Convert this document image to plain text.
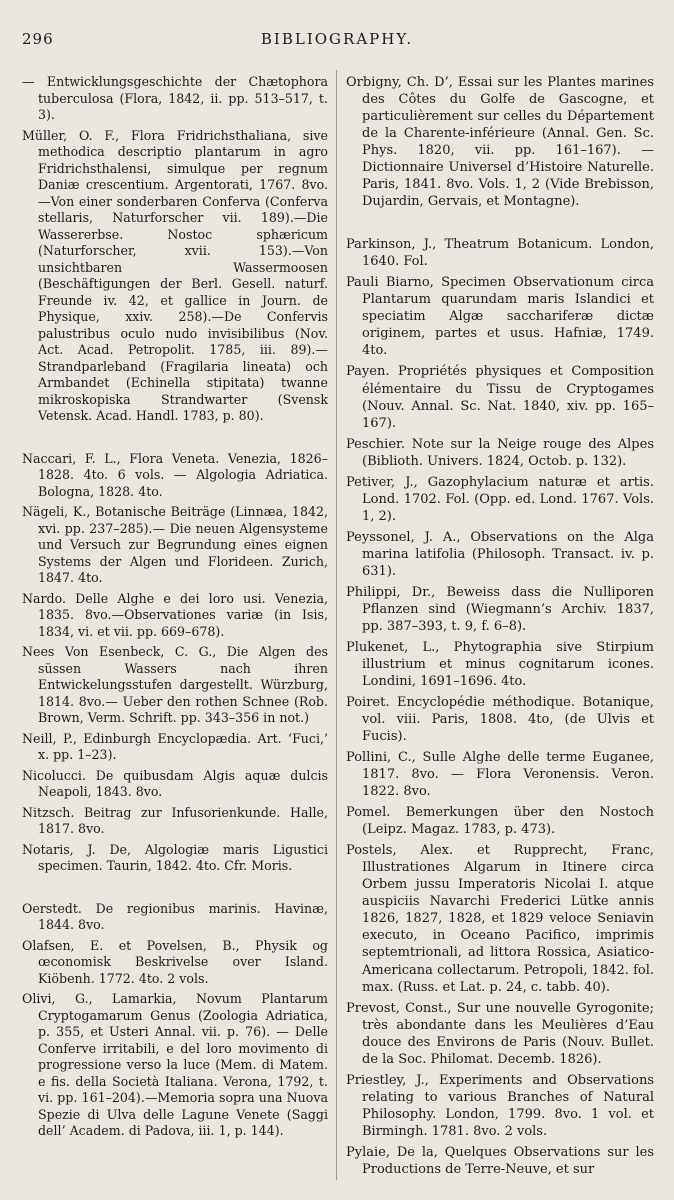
296	BIBLIOGRAPHY.
— Entwicklungsgeschichte der Chætophora tuberculosa (Flora, 1842, ii. pp. 513–517, t. 3).
Müller, O. F., Flora Fridrichsthaliana, sive methodica descriptio plantarum in agro Fridrichsthalensi, simulque per regnum Daniæ crescentium. Argentorati, 1767. 8vo.—Von einer sonderbaren Conferva (Conferva stellaris, Naturforscher vii. 189).—Die Wassererbse. Nostoc sphæricum (Naturforscher, xvii. 153).—Von unsichtbaren Wassermoosen (Beschäftigungen der Berl. Gesell. naturf. Freunde iv. 42, et gallice in Journ. de Physique, xxiv. 258).—De Confervis palustribus oculo nudo invisibilibus (Nov. Act. Acad. Petropolit. 1785, iii. 89).—Strandparleband (Fragilaria lineata) och Armbandet (Echinella stipitata) twanne mikroskopiska Strandwarter (Svensk Vetensk. Acad. Handl. 1783, p. 80).
Naccari, F. L., Flora Veneta. Venezia, 1826–1828. 4to. 6 vols. — Algologia Adriatica. Bologna, 1828. 4to.
Nägeli, K., Botanische Beiträge (Linnæa, 1842, xvi. pp. 237–285).— Die neuen Algensysteme und Versuch zur Begrundung eines eignen Systems der Algen und Florideen. Zurich, 1847. 4to.
Nardo. Delle Alghe e dei loro usi. Venezia, 1835. 8vo.—Observationes variæ (in Isis, 1834, vi. et vii. pp. 669–678).
Nees Von Esenbeck, C. G., Die Algen des süssen Wassers nach ihren Entwickelungsstufen dargestellt. Würzburg, 1814. 8vo.— Ueber den rothen Schnee (Rob. Brown, Verm. Schrift. pp. 343–356 in not.)
Neill, P., Edinburgh Encyclopædia. Art. ‘Fuci,’ x. pp. 1–23).
Nicolucci. De quibusdam Algis aquæ dulcis Neapoli, 1843. 8vo.
Nitzsch. Beitrag zur Infusorienkunde. Halle, 1817. 8vo.
Notaris, J. De, Algologiæ maris Ligustici specimen. Taurin, 1842. 4to. Cfr. Moris.
Oerstedt. De regionibus marinis. Havinæ, 1844. 8vo.
Olafsen, E. et Povelsen, B., Physik og œconomisk Beskrivelse over Island. Kiöbenh. 1772. 4to. 2 vols.
Olivi, G., Lamarkia, Novum Plantarum Cryptogamarum Genus (Zoologia Adriatica, p. 355, et Usteri Annal. vii. p. 76). — Delle Conferve irritabili, e del loro movimento di progressione verso la luce (Mem. di Matem. e fis. della Società Italiana. Verona, 1792, t. vi. pp. 161–204).—Memoria sopra una Nuova Spezie di Ulva delle Lagune Venete (Saggi dell’ Academ. di Padova, iii. 1, p. 144).
Orbigny, Ch. D’, Essai sur les Plantes marines des Côtes du Golfe de Gascogne, et particulièrement sur celles du Département de la Charente-inférieure (Annal. Gen. Sc. Phys. 1820, vii. pp. 161–167). —Dictionnaire Universel d’Histoire Naturelle. Paris, 1841. 8vo. Vols. 1, 2 (Vide Brebisson, Dujardin, Gervais, et Montagne).
Parkinson, J., Theatrum Botanicum. London, 1640. Fol.
Pauli Biarno, Specimen Observationum circa Plantarum quarundam maris Islandici et speciatim Algæ sacchariferæ dictæ originem, partes et usus. Hafniæ, 1749. 4to.
Payen. Propriétés physiques et Composition élémentaire du Tissu de Cryptogames (Nouv. Annal. Sc. Nat. 1840, xiv. pp. 165–167).
Peschier. Note sur la Neige rouge des Alpes (Biblioth. Univers. 1824, Octob. p. 132).
Petiver, J., Gazophylacium naturæ et artis. Lond. 1702. Fol. (Opp. ed. Lond. 1767. Vols. 1, 2).
Peyssonel, J. A., Observations on the Alga marina latifolia (Philosoph. Transact. iv. p. 631).
Philippi, Dr., Beweiss dass die Nulliporen Pflanzen sind (Wiegmann’s Archiv. 1837, pp. 387–393, t. 9, f. 6–8).
Plukenet, L., Phytographia sive Stirpium illustrium et minus cognitarum icones. Londini, 1691–1696. 4to.
Poiret. Encyclopédie méthodique. Botanique, vol. viii. Paris, 1808. 4to, (de Ulvis et Fucis).
Pollini, C., Sulle Alghe delle terme Euganee, 1817. 8vo. — Flora Veronensis. Veron. 1822. 8vo.
Pomel. Bemerkungen über den Nostoch (Leipz. Magaz. 1783, p. 473).
Postels, Alex. et Rupprecht, Franc, Illustrationes Algarum in Itinere circa Orbem jussu Imperatoris Nicolai I. atque auspiciis Navarchi Frederici Lütke annis 1826, 1827, 1828, et 1829 veloce Seniavin executo, in Oceano Pacifico, imprimis septemtrionali, ad littora Rossica, Asiatico-Americana collectarum. Petropoli, 1842. fol. max. (Russ. et Lat. p. 24, c. tabb. 40).
Prevost, Const., Sur une nouvelle Gyrogonite; très abondante dans les Meulières d’Eau douce des Environs de Paris (Nouv. Bullet. de la Soc. Philomat. Decemb. 1826).
Priestley, J., Experiments and Observations relating to various Branches of Natural Philosophy. London, 1799. 8vo. 1 vol. et Birmingh. 1781. 8vo. 2 vols.
Pylaie, De la, Quelques Observations sur les Productions de Terre-Neuve, et sur
